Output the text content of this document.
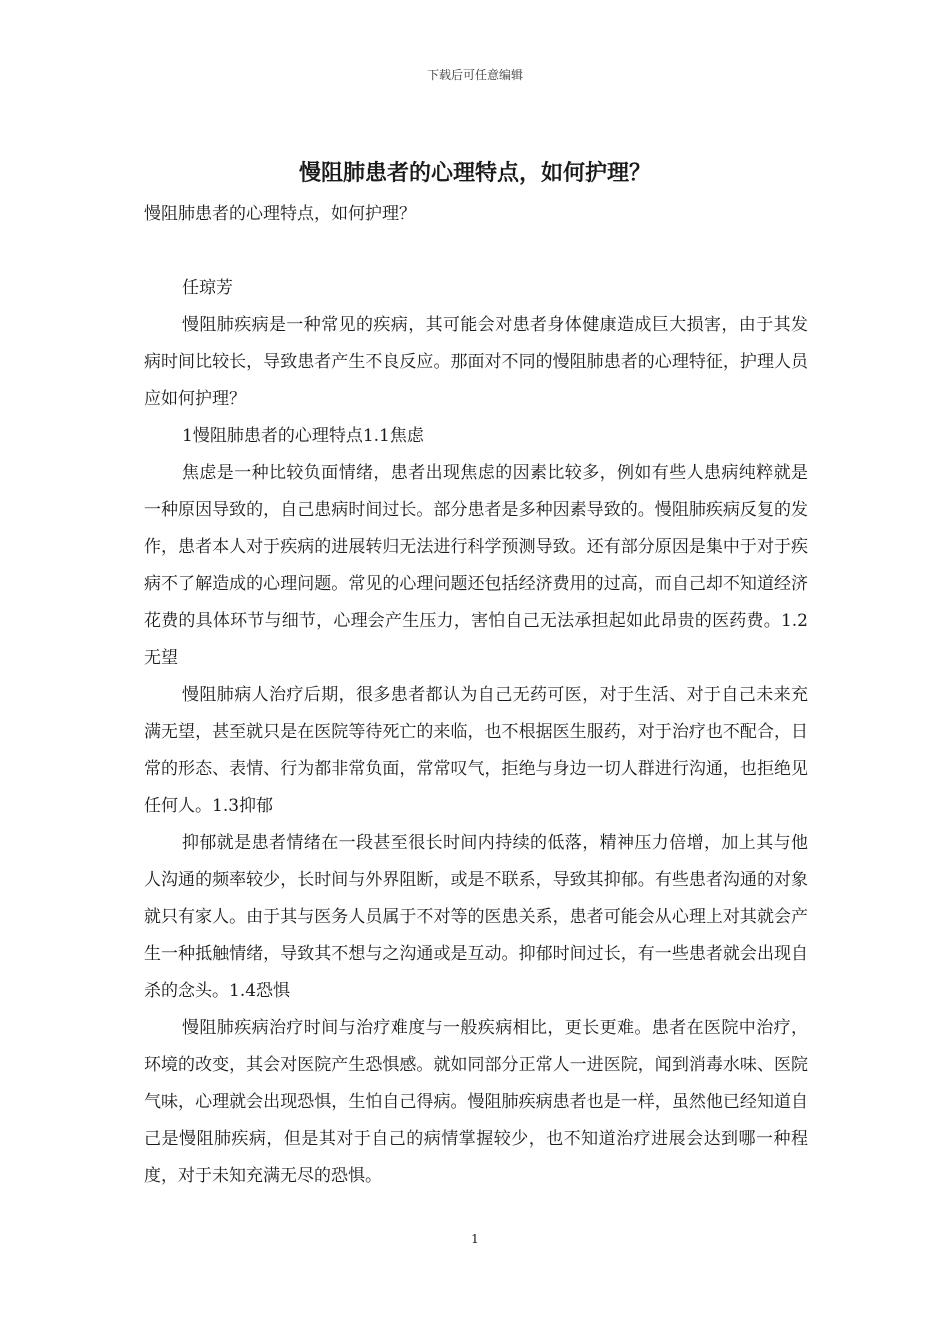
下载后可任意编辑
慢阻肺患者的心理特点，如何护理？

慢阻肺患者的心理特点，如何护理？

任琼芳

慢阻肺疾病是一种常见的疾病，其可能会对患者身体健康造成巨大损害，由于其发病时间比较长，导致患者产生不良反应。那面对不同的慢阻肺患者的心理特征，护理人员应如何护理？

1慢阻肺患者的心理特点1.1焦虑

焦虑是一种比较负面情绪，患者出现焦虑的因素比较多，例如有些人患病纯粹就是一种原因导致的，自己患病时间过长。部分患者是多种因素导致的。慢阻肺疾病反复的发作，患者本人对于疾病的进展转归无法进行科学预测导致。还有部分原因是集中于对于疾病不了解造成的心理问题。常见的心理问题还包括经济费用的过高，而自己却不知道经济花费的具体环节与细节，心理会产生压力，害怕自己无法承担起如此昂贵的医药费。1.2无望

慢阻肺病人治疗后期，很多患者都认为自己无药可医，对于生活、对于自己未来充满无望，甚至就只是在医院等待死亡的来临，也不根据医生服药，对于治疗也不配合，日常的形态、表情、行为都非常负面，常常叹气，拒绝与身边一切人群进行沟通，也拒绝见任何人。1.3抑郁

抑郁就是患者情绪在一段甚至很长时间内持续的低落，精神压力倍增，加上其与他人沟通的频率较少，长时间与外界阻断，或是不联系，导致其抑郁。有些患者沟通的对象就只有家人。由于其与医务人员属于不对等的医患关系，患者可能会从心理上对其就会产生一种抵触情绪，导致其不想与之沟通或是互动。抑郁时间过长，有一些患者就会出现自杀的念头。1.4恐惧

慢阻肺疾病治疗时间与治疗难度与一般疾病相比，更长更难。患者在医院中治疗，环境的改变，其会对医院产生恐惧感。就如同部分正常人一进医院，闻到消毒水味、医院气味，心理就会出现恐惧，生怕自己得病。慢阻肺疾病患者也是一样，虽然他已经知道自己是慢阻肺疾病，但是其对于自己的病情掌握较少，也不知道治疗进展会达到哪一种程度，对于未知充满无尽的恐惧。

1
